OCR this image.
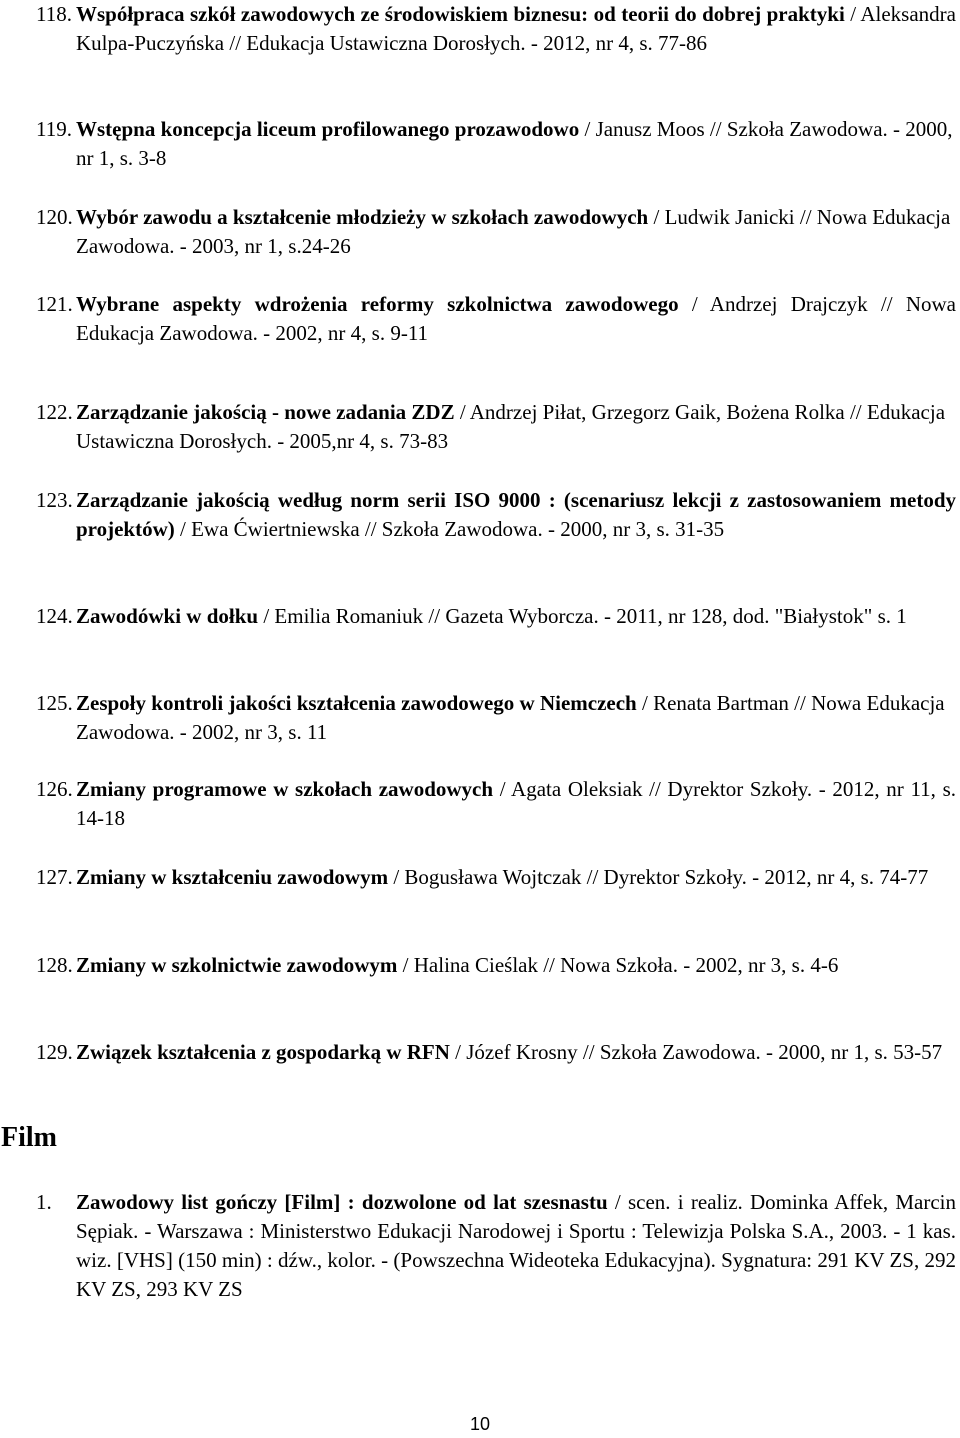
118. Współpraca szkół zawodowych ze środowiskiem biznesu: od teorii do dobrej praktyki / Aleksandra Kulpa-Puczyńska // Edukacja Ustawiczna Dorosłych. - 2012, nr 4, s. 77-86
119. Wstępna koncepcja liceum profilowanego prozawodowo / Janusz Moos // Szkoła Zawodowa. - 2000, nr 1, s. 3-8
120. Wybór zawodu a kształcenie młodzieży w szkołach zawodowych / Ludwik Janicki // Nowa Edukacja Zawodowa. - 2003, nr 1, s.24-26
121. Wybrane aspekty wdrożenia reformy szkolnictwa zawodowego / Andrzej Drajczyk // Nowa Edukacja Zawodowa. - 2002, nr 4, s. 9-11
122. Zarządzanie jakością - nowe zadania ZDZ / Andrzej Piłat, Grzegorz Gaik, Bożena Rolka // Edukacja Ustawiczna Dorosłych. - 2005,nr 4, s. 73-83
123. Zarządzanie jakością według norm serii ISO 9000 : (scenariusz lekcji z zastosowaniem metody projektów) / Ewa Ćwiertniewska // Szkoła Zawodowa. - 2000, nr 3, s. 31-35
124. Zawodówki w dołku / Emilia Romaniuk // Gazeta Wyborcza. - 2011, nr 128, dod. "Białystok" s. 1
125. Zespoły kontroli jakości kształcenia zawodowego w Niemczech / Renata Bartman // Nowa Edukacja Zawodowa. - 2002, nr 3, s. 11
126. Zmiany programowe w szkołach zawodowych / Agata Oleksiak // Dyrektor Szkoły. - 2012, nr 11, s. 14-18
127. Zmiany w kształceniu zawodowym / Bogusława Wojtczak // Dyrektor Szkoły. - 2012, nr 4, s. 74-77
128. Zmiany w szkolnictwie zawodowym / Halina Cieślak // Nowa Szkoła. - 2002, nr 3, s. 4-6
129. Związek kształcenia z gospodarką w RFN / Józef Krosny // Szkoła Zawodowa. - 2000, nr 1, s. 53-57
Film
1. Zawodowy list gończy [Film] : dozwolone od lat szesnastu / scen. i realiz. Dominka Affek, Marcin Sępiak. - Warszawa : Ministerstwo Edukacji Narodowej i Sportu : Telewizja Polska S.A., 2003. - 1 kas. wiz. [VHS] (150 min) : dźw., kolor. - (Powszechna Wideoteka Edukacyjna). Sygnatura: 291 KV ZS, 292 KV ZS, 293 KV ZS
10
